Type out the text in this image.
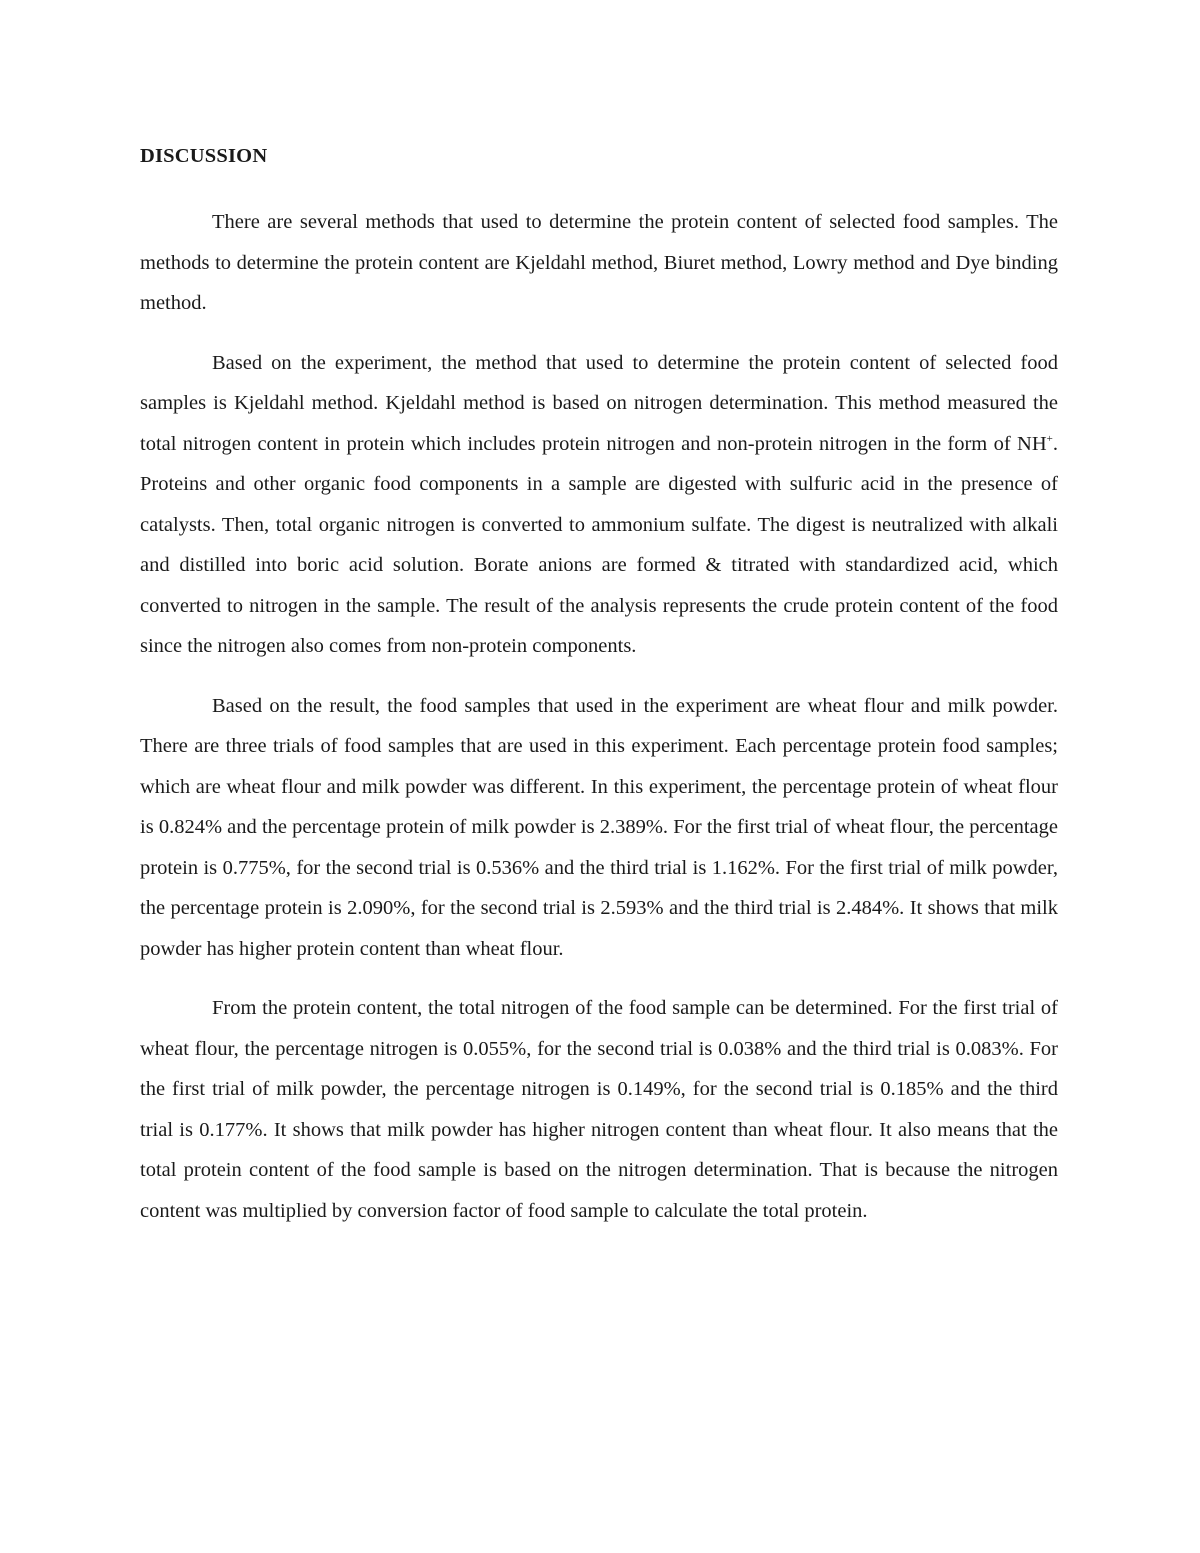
DISCUSSION

There are several methods that used to determine the protein content of selected food samples. The methods to determine the protein content are Kjeldahl method, Biuret method, Lowry method and Dye binding method.

Based on the experiment, the method that used to determine the protein content of selected food samples is Kjeldahl method. Kjeldahl method is based on nitrogen determination. This method measured the total nitrogen content in protein which includes protein nitrogen and non-protein nitrogen in the form of NH+. Proteins and other organic food components in a sample are digested with sulfuric acid in the presence of catalysts. Then, total organic nitrogen is converted to ammonium sulfate. The digest is neutralized with alkali and distilled into boric acid solution. Borate anions are formed & titrated with standardized acid, which converted to nitrogen in the sample. The result of the analysis represents the crude protein content of the food since the nitrogen also comes from non-protein components.

Based on the result, the food samples that used in the experiment are wheat flour and milk powder. There are three trials of food samples that are used in this experiment. Each percentage protein food samples; which are wheat flour and milk powder was different. In this experiment, the percentage protein of wheat flour is 0.824% and the percentage protein of milk powder is 2.389%. For the first trial of wheat flour, the percentage protein is 0.775%, for the second trial is 0.536% and the third trial is 1.162%. For the first trial of milk powder, the percentage protein is 2.090%, for the second trial is 2.593% and the third trial is 2.484%. It shows that milk powder has higher protein content than wheat flour.

From the protein content, the total nitrogen of the food sample can be determined. For the first trial of wheat flour, the percentage nitrogen is 0.055%, for the second trial is 0.038% and the third trial is 0.083%. For the first trial of milk powder, the percentage nitrogen is 0.149%, for the second trial is 0.185% and the third trial is 0.177%. It shows that milk powder has higher nitrogen content than wheat flour. It also means that the total protein content of the food sample is based on the nitrogen determination. That is because the nitrogen content was multiplied by conversion factor of food sample to calculate the total protein.
